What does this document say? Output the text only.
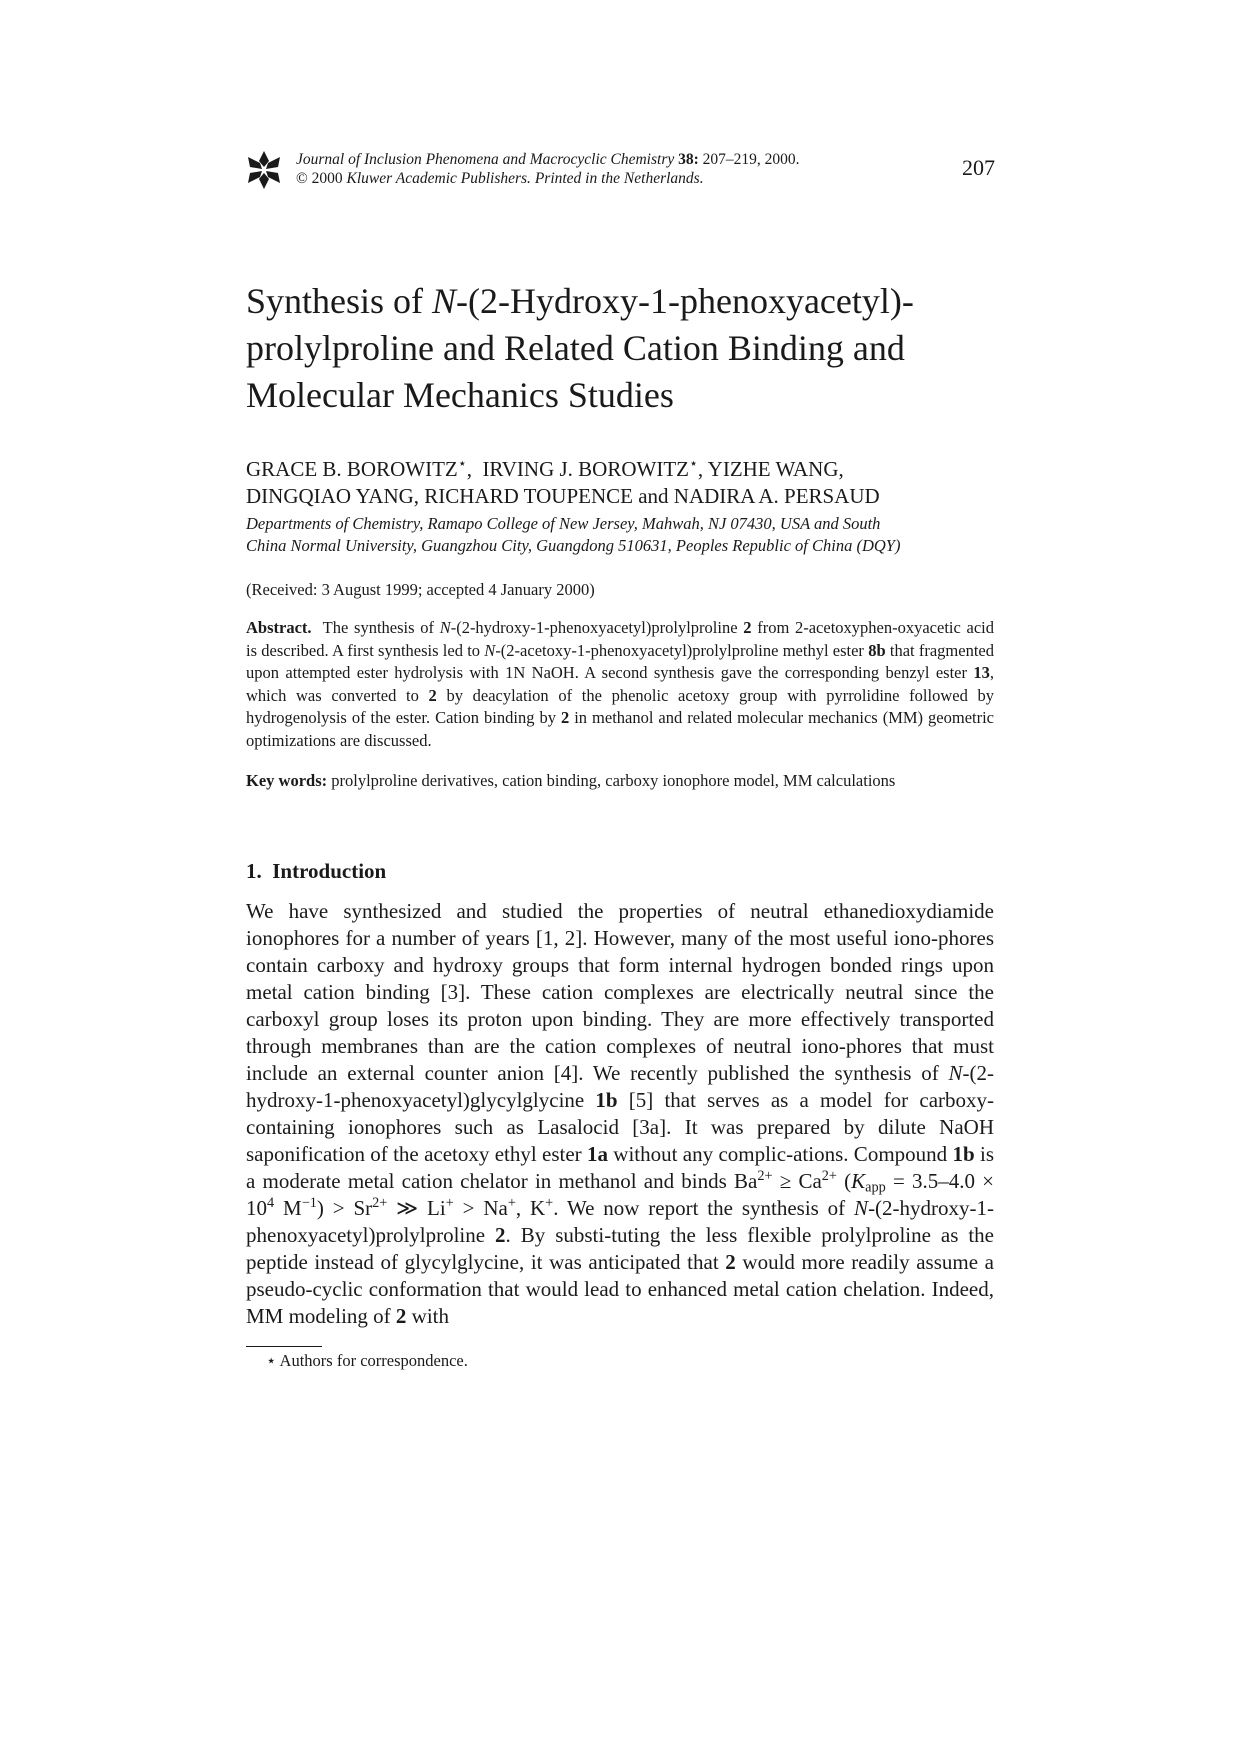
Journal of Inclusion Phenomena and Macrocyclic Chemistry 38: 207–219, 2000.
© 2000 Kluwer Academic Publishers. Printed in the Netherlands.	207
Synthesis of N-(2-Hydroxy-1-phenoxyacetyl)-
prolylproline and Related Cation Binding and
Molecular Mechanics Studies
GRACE B. BOROWITZ⋆,  IRVING J. BOROWITZ⋆, YIZHE WANG,
DINGQIAO YANG, RICHARD TOUPENCE and NADIRA A. PERSAUD
Departments of Chemistry, Ramapo College of New Jersey, Mahwah, NJ 07430, USA and South
China Normal University, Guangzhou City, Guangdong 510631, Peoples Republic of China (DQY)
(Received: 3 August 1999; accepted 4 January 2000)
Abstract. The synthesis of N-(2-hydroxy-1-phenoxyacetyl)prolylproline 2 from 2-acetoxyphen-oxyacetic acid is described. A first synthesis led to N-(2-acetoxy-1-phenoxyacetyl)prolylproline methyl ester 8b that fragmented upon attempted ester hydrolysis with 1N NaOH. A second synthesis gave the corresponding benzyl ester 13, which was converted to 2 by deacylation of the phenolic acetoxy group with pyrrolidine followed by hydrogenolysis of the ester. Cation binding by 2 in methanol and related molecular mechanics (MM) geometric optimizations are discussed.
Key words: prolylproline derivatives, cation binding, carboxy ionophore model, MM calculations
1. Introduction
We have synthesized and studied the properties of neutral ethanedioxydiamide ionophores for a number of years [1, 2]. However, many of the most useful iono-phores contain carboxy and hydroxy groups that form internal hydrogen bonded rings upon metal cation binding [3]. These cation complexes are electrically neutral since the carboxyl group loses its proton upon binding. They are more effectively transported through membranes than are the cation complexes of neutral iono-phores that must include an external counter anion [4]. We recently published the synthesis of N-(2-hydroxy-1-phenoxyacetyl)glycylglycine 1b [5] that serves as a model for carboxy-containing ionophores such as Lasalocid [3a]. It was prepared by dilute NaOH saponification of the acetoxy ethyl ester 1a without any complic-ations. Compound 1b is a moderate metal cation chelator in methanol and binds $Ba^{2+} \ge Ca^{2+}$ ($K_{app} = 3.5-4.0 \times 10^4$ $M^{-1}) > Sr^{2+}$ ≫ Li+ > Na+, K+. We now report the synthesis of N-(2-hydroxy-1-phenoxyacetyl)prolylproline 2. By substi-tuting the less flexible prolylproline as the peptide instead of glycylglycine, it was anticipated that 2 would more readily assume a pseudo-cyclic conformation that would lead to enhanced metal cation chelation. Indeed, MM modeling of 2 with
⋆ Authors for correspondence.
